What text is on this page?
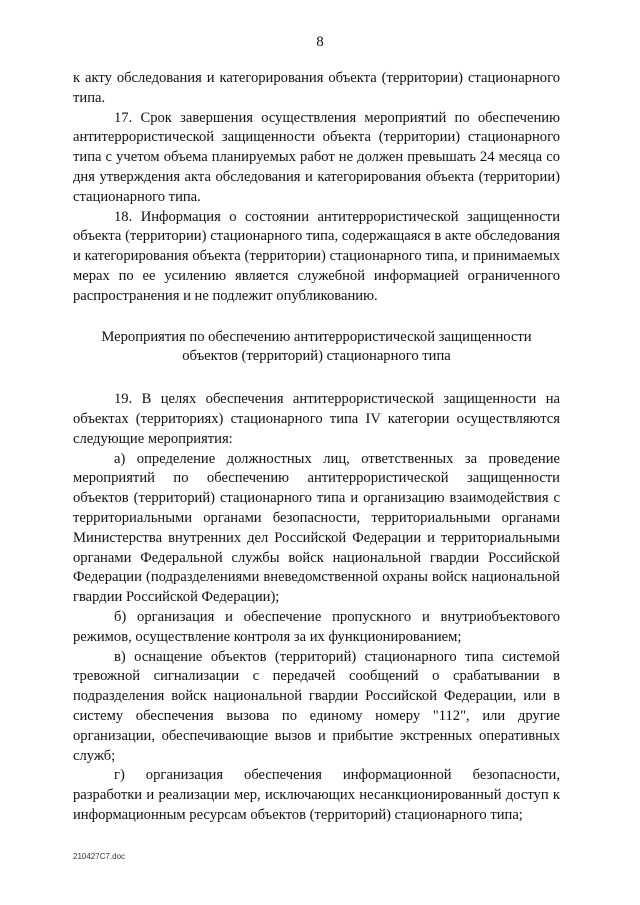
8

к акту обследования и категорирования объекта (территории) стационарного типа.

17. Срок завершения осуществления мероприятий по обеспечению антитеррористической защищенности объекта (территории) стационарного типа с учетом объема планируемых работ не должен превышать 24 месяца со дня утверждения акта обследования и категорирования объекта (территории) стационарного типа.

18. Информация о состоянии антитеррористической защищенности объекта (территории) стационарного типа, содержащаяся в акте обследования и категорирования объекта (территории) стационарного типа, и принимаемых мерах по ее усилению является служебной информацией ограниченного распространения и не подлежит опубликованию.

Мероприятия по обеспечению антитеррористической защищенности объектов (территорий) стационарного типа

19. В целях обеспечения антитеррористической защищенности на объектах (территориях) стационарного типа IV категории осуществляются следующие мероприятия:

а) определение должностных лиц, ответственных за проведение мероприятий по обеспечению антитеррористической защищенности объектов (территорий) стационарного типа и организацию взаимодействия с территориальными органами безопасности, территориальными органами Министерства внутренних дел Российской Федерации и территориальными органами Федеральной службы войск национальной гвардии Российской Федерации (подразделениями вневедомственной охраны войск национальной гвардии Российской Федерации);

б) организация и обеспечение пропускного и внутриобъектового режимов, осуществление контроля за их функционированием;

в) оснащение объектов (территорий) стационарного типа системой тревожной сигнализации с передачей сообщений о срабатывании в подразделения войск национальной гвардии Российской Федерации, или в систему обеспечения вызова по единому номеру "112", или другие организации, обеспечивающие вызов и прибытие экстренных оперативных служб;

г) организация обеспечения информационной безопасности, разработки и реализации мер, исключающих несанкционированный доступ к информационным ресурсам объектов (территорий) стационарного типа;

210427C7.doc
